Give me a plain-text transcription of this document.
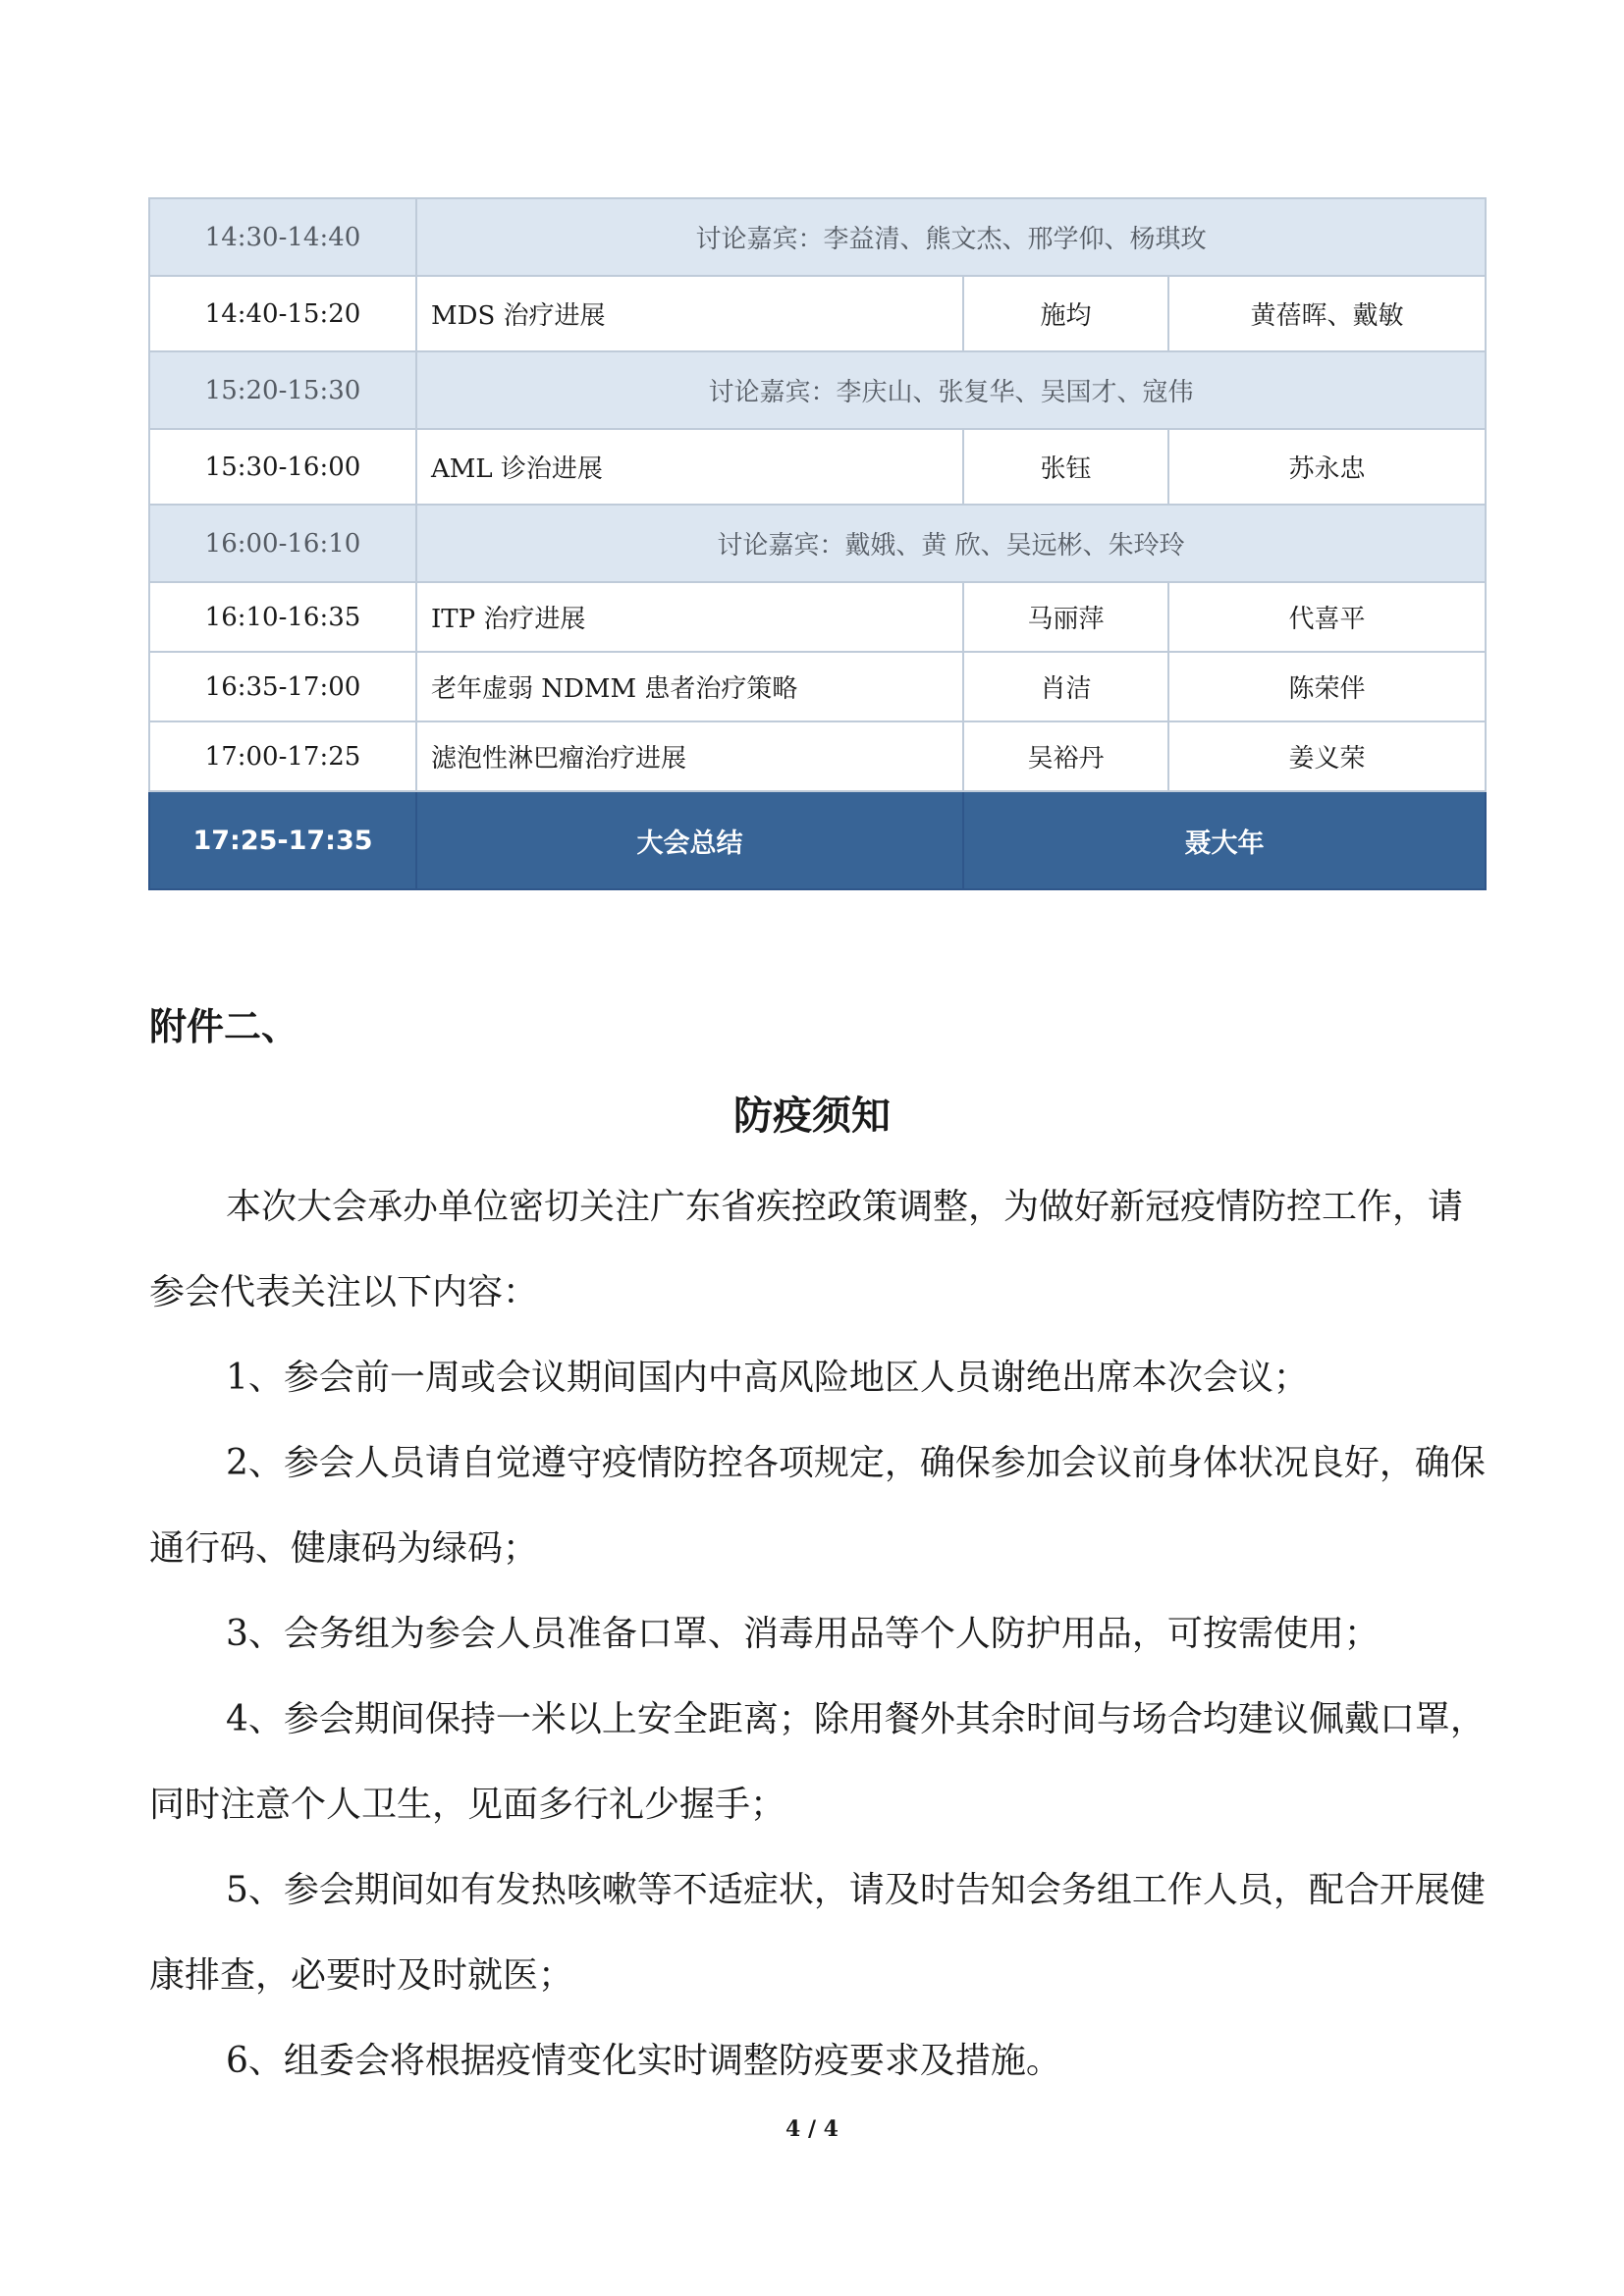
14:30-14:40	讨论嘉宾：李益清、熊文杰、邢学仰、杨琪玫		
14:40-15:20	MDS 治疗进展	施均	黄蓓晖、戴敏
15:20-15:30	讨论嘉宾：李庆山、张复华、吴国才、寇伟		
15:30-16:00	AML 诊治进展	张钰	苏永忠
16:00-16:10	讨论嘉宾：戴娥、黄 欣、吴远彬、朱玲玲		
16:10-16:35	ITP 治疗进展	马丽萍	代喜平
16:35-17:00	老年虚弱 NDMM 患者治疗策略	肖洁	陈荣伴
17:00-17:25	滤泡性淋巴瘤治疗进展	吴裕丹	姜义荣
17:25-17:35	大会总结	聂大年	
附件二、
防疫须知

本次大会承办单位密切关注广东省疾控政策调整，为做好新冠疫情防控工作，请参会代表关注以下内容：

1、参会前一周或会议期间国内中高风险地区人员谢绝出席本次会议；

2、参会人员请自觉遵守疫情防控各项规定，确保参加会议前身体状况良好，确保通行码、健康码为绿码；

3、会务组为参会人员准备口罩、消毒用品等个人防护用品，可按需使用；

4、参会期间保持一米以上安全距离；除用餐外其余时间与场合均建议佩戴口罩，同时注意个人卫生，见面多行礼少握手；

5、参会期间如有发热咳嗽等不适症状，请及时告知会务组工作人员，配合开展健康排查，必要时及时就医；

6、组委会将根据疫情变化实时调整防疫要求及措施。

4 / 4
